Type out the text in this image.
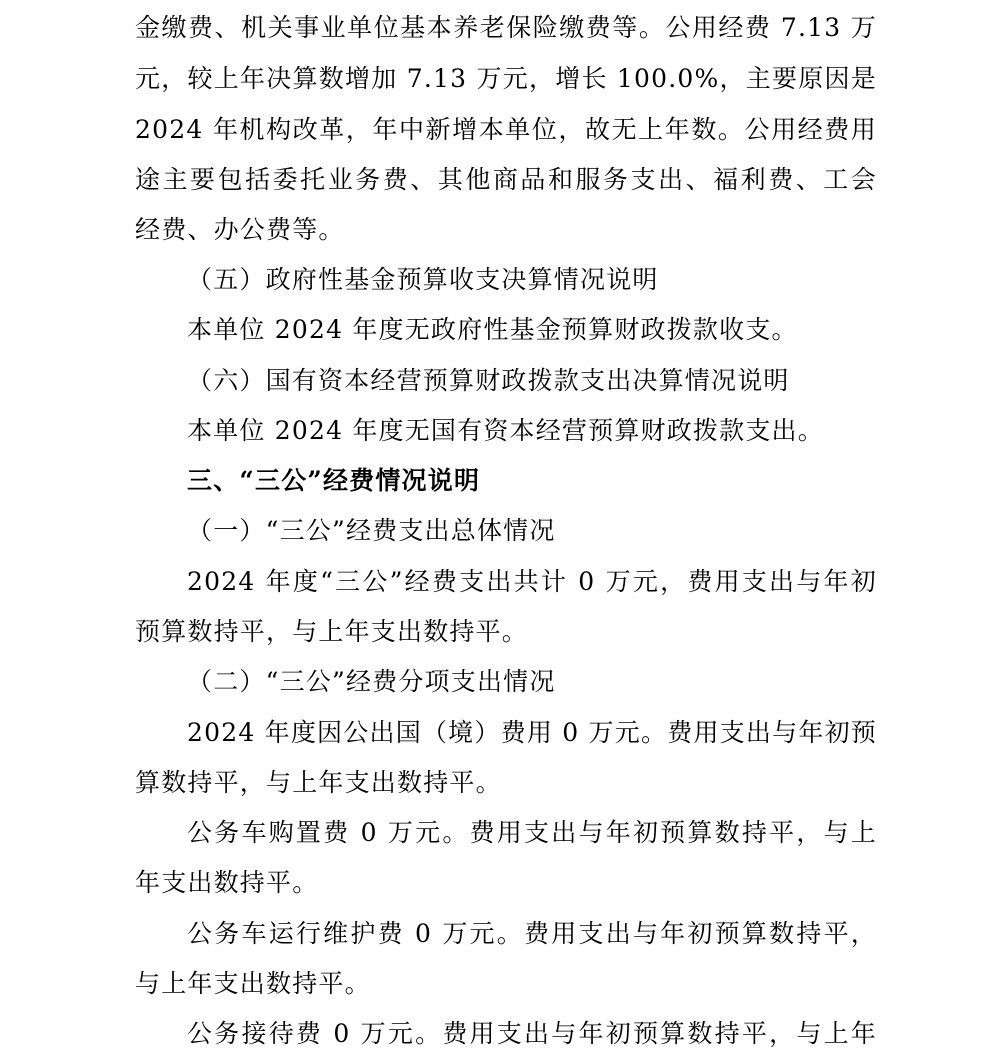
金缴费、机关事业单位基本养老保险缴费等。公用经费 7.13 万
元，较上年决算数增加 7.13 万元，增长 100.0%，主要原因是
2024 年机构改革，年中新增本单位，故无上年数。公用经费用
途主要包括委托业务费、其他商品和服务支出、福利费、工会
经费、办公费等。
（五）政府性基金预算收支决算情况说明
本单位 2024 年度无政府性基金预算财政拨款收支。
（六）国有资本经营预算财政拨款支出决算情况说明
本单位 2024 年度无国有资本经营预算财政拨款支出。
三、“三公”经费情况说明
（一）“三公”经费支出总体情况
2024 年度“三公”经费支出共计 0 万元，费用支出与年初
预算数持平，与上年支出数持平。
（二）“三公”经费分项支出情况
2024 年度因公出国（境）费用 0 万元。费用支出与年初预
算数持平，与上年支出数持平。
公务车购置费 0 万元。费用支出与年初预算数持平，与上
年支出数持平。
公务车运行维护费 0 万元。费用支出与年初预算数持平，
与上年支出数持平。
公务接待费 0 万元。费用支出与年初预算数持平，与上年
